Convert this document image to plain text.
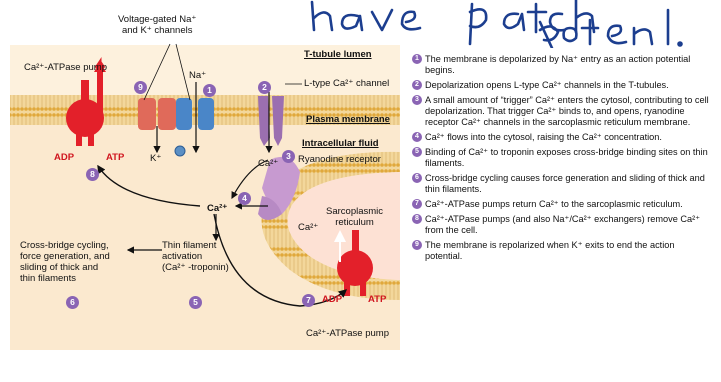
Voltage-gated Na⁺
and K⁺ channels
Ca²⁺-ATPase pump
Na⁺
K⁺
T-tubule lumen
L-type Ca²⁺ channel
Plasma membrane
Intracellular fluid
Ryanodine receptor
Ca²⁺
Ca²⁺
Ca²⁺
Sarcoplasmic
reticulum
ADP	ATP
ADP	ATP
Cross-bridge cycling,
force generation, and
sliding of thick and
thin filaments
Thin filament
activation
(Ca²⁺ -troponin)
Ca²⁺-ATPase pump
9	1	2
3
4
8
6	5	7
1 The membrane is depolarized by Na⁺ entry as an action potential begins.
2 Depolarization opens L-type Ca²⁺ channels in the T-tubules.
3 A small amount of “trigger” Ca²⁺ enters the cytosol, contributing to cell depolarization. That trigger Ca²⁺ binds to, and opens, ryanodine receptor Ca²⁺ channels in the sarcoplasmic reticulum membrane.
4 Ca²⁺ flows into the cytosol, raising the Ca²⁺ concentration.
5 Binding of Ca²⁺ to troponin exposes cross-bridge binding sites on thin filaments.
6 Cross-bridge cycling causes force generation and sliding of thick and thin filaments.
7 Ca²⁺-ATPase pumps return Ca²⁺ to the sarcoplasmic reticulum.
8 Ca²⁺-ATPase pumps (and also Na⁺/Ca²⁺ exchangers) remove Ca²⁺ from the cell.
9 The membrane is repolarized when K⁺ exits to end the action potential.
